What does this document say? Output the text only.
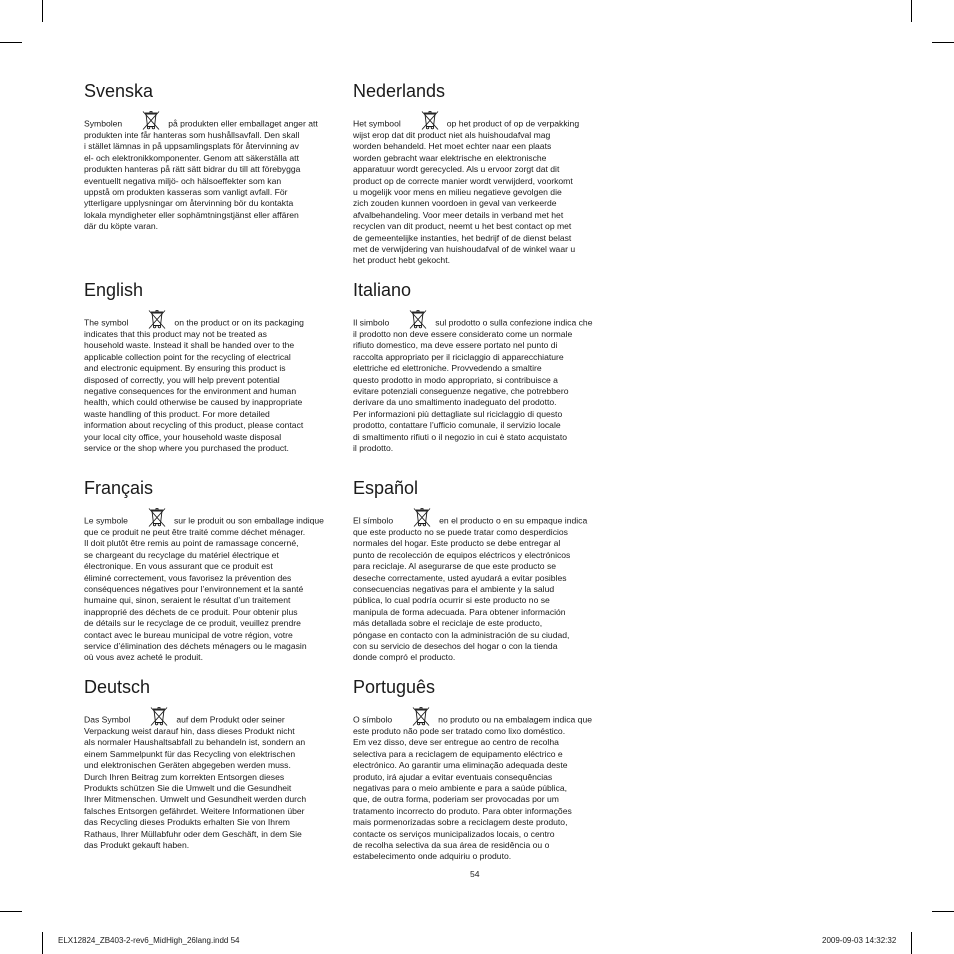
Svenska

Symbolen	på produkten eller emballaget anger att
produkten inte får hanteras som hushållsavfall. Den skall
i stället lämnas in på uppsamlingsplats för återvinning av
el- och elektronikkomponenter. Genom att säkerställa att
produkten hanteras på rätt sätt bidrar du till att förebygga
eventuellt negativa miljö- och hälsoeffekter som kan
uppstå om produkten kasseras som vanligt avfall. För
ytterligare upplysningar om återvinning bör du kontakta
lokala myndigheter eller sophämtningstjänst eller affären
där du köpte varan.

Nederlands

Het symbool	op het product of op de verpakking
wijst erop dat dit product niet als huishoudafval mag
worden behandeld. Het moet echter naar een plaats
worden gebracht waar elektrische en elektronische
apparatuur wordt gerecycled. Als u ervoor zorgt dat dit
product op de correcte manier wordt verwijderd, voorkomt
u mogelijk voor mens en milieu negatieve gevolgen die
zich zouden kunnen voordoen in geval van verkeerde
afvalbehandeling. Voor meer details in verband met het
recyclen van dit product, neemt u het best contact op met
de gemeentelijke instanties, het bedrijf of de dienst belast
met de verwijdering van huishoudafval of de winkel waar u
het product hebt gekocht.

English

The symbol	on the product or on its packaging
indicates that this product may not be treated as
household waste. Instead it shall be handed over to the
applicable collection point for the recycling of electrical
and electronic equipment. By ensuring this product is
disposed of correctly, you will help prevent potential
negative consequences for the environment and human
health, which could otherwise be caused by inappropriate
waste handling of this product. For more detailed
information about recycling of this product, please contact
your local city office, your household waste disposal
service or the shop where you purchased the product.

Italiano

Il simbolo	sul prodotto o sulla confezione indica che
il prodotto non deve essere considerato come un normale
rifiuto domestico, ma deve essere portato nel punto di
raccolta appropriato per il riciclaggio di apparecchiature
elettriche ed elettroniche. Provvedendo a smaltire
questo prodotto in modo appropriato, si contribuisce a
evitare potenziali conseguenze negative, che potrebbero
derivare da uno smaltimento inadeguato del prodotto.
Per informazioni più dettagliate sul riciclaggio di questo
prodotto, contattare l’ufficio comunale, il servizio locale
di smaltimento rifiuti o il negozio in cui è stato acquistato
il prodotto.

Français

Le symbole	sur le produit ou son emballage indique
que ce produit ne peut être traité comme déchet ménager.
Il doit plutôt être remis au point de ramassage concerné,
se chargeant du recyclage du matériel électrique et
électronique. En vous assurant que ce produit est
éliminé correctement, vous favorisez la prévention des
conséquences négatives pour l’environnement et la santé
humaine qui, sinon, seraient le résultat d’un traitement
inapproprié des déchets de ce produit. Pour obtenir plus
de détails sur le recyclage de ce produit, veuillez prendre
contact avec le bureau municipal de votre région, votre
service d’élimination des déchets ménagers ou le magasin
où vous avez acheté le produit.

Español

El símbolo	en el producto o en su empaque indica
que este producto no se puede tratar como desperdicios
normales del hogar. Este producto se debe entregar al
punto de recolección de equipos eléctricos y electrónicos
para reciclaje. Al asegurarse de que este producto se
deseche correctamente, usted ayudará a evitar posibles
consecuencias negativas para el ambiente y la salud
pública, lo cual podría ocurrir si este producto no se
manipula de forma adecuada. Para obtener información
más detallada sobre el reciclaje de este producto,
póngase en contacto con la administración de su ciudad,
con su servicio de desechos del hogar o con la tienda
donde compró el producto.

Deutsch

Das Symbol	auf dem Produkt oder seiner
Verpackung weist darauf hin, dass dieses Produkt nicht
als normaler Haushaltsabfall zu behandeln ist, sondern an
einem Sammelpunkt für das Recycling von elektrischen
und elektronischen Geräten abgegeben werden muss.
Durch Ihren Beitrag zum korrekten Entsorgen dieses
Produkts schützen Sie die Umwelt und die Gesundheit
Ihrer Mitmenschen. Umwelt und Gesundheit werden durch
falsches Entsorgen gefährdet. Weitere Informationen über
das Recycling dieses Produkts erhalten Sie von Ihrem
Rathaus, Ihrer Müllabfuhr oder dem Geschäft, in dem Sie
das Produkt gekauft haben.

Português

O símbolo	no produto ou na embalagem indica que
este produto não pode ser tratado como lixo doméstico.
Em vez disso, deve ser entregue ao centro de recolha
selectiva para a reciclagem de equipamento eléctrico e
electrónico. Ao garantir uma eliminação adequada deste
produto, irá ajudar a evitar eventuais consequências
negativas para o meio ambiente e para a saúde pública,
que, de outra forma, poderiam ser provocadas por um
tratamento incorrecto do produto. Para obter informações
mais pormenorizadas sobre a reciclagem deste produto,
contacte os serviços municipalizados locais, o centro
de recolha selectiva da sua área de residência ou o
estabelecimento onde adquiriu o produto.

54
ELX12824_ZB403-2-rev6_MidHigh_26lang.indd 54	2009-09-03 14:32:32
